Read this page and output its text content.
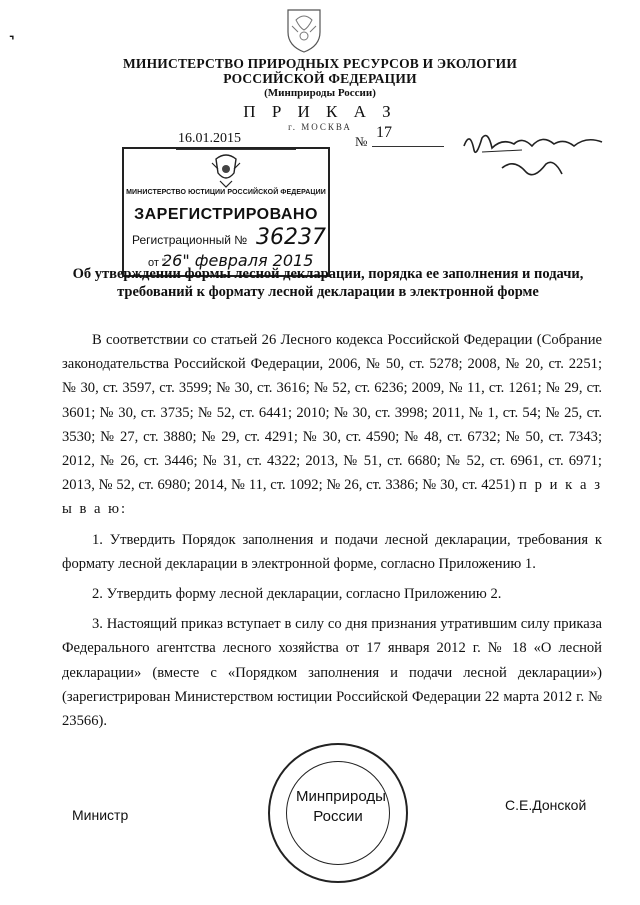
˺
МИНИСТЕРСТВО ПРИРОДНЫХ РЕСУРСОВ И ЭКОЛОГИИ
РОССИЙСКОЙ ФЕДЕРАЦИИ
(Минприроды России)
П Р И К А З
г. МОСКВА
16.01.2015	№
17
МИНИСТЕРСТВО ЮСТИЦИИ РОССИЙСКОЙ ФЕДЕРАЦИИ
ЗАРЕГИСТРИРОВАНО
Регистрационный № 36237
от "
26" февраля 2015
Об утверждении формы лесной декларации, порядка ее заполнения и подачи,
требований к формату лесной декларации в электронной форме

В соответствии со статьей 26 Лесного кодекса Российской Федерации (Собрание законодательства Российской Федерации, 2006, № 50, ст. 5278; 2008, № 20, ст. 2251; № 30, ст. 3597, ст. 3599; № 30, ст. 3616; № 52, ст. 6236; 2009, № 11, ст. 1261; № 29, ст. 3601; № 30, ст. 3735; № 52, ст. 6441; 2010; № 30, ст. 3998; 2011, № 1, ст. 54; № 25, ст. 3530; № 27, ст. 3880; № 29, ст. 4291; № 30, ст. 4590; № 48, ст. 6732; № 50, ст. 7343; 2012, № 26, ст. 3446; № 31, ст. 4322; 2013, № 51, ст. 6680; № 52, ст. 6961, ст. 6971; 2013, № 52, ст. 6980; 2014, № 11, ст. 1092; № 26, ст. 3386; № 30, ст. 4251) п р и к а з ы в а ю:

1. Утвердить Порядок заполнения и подачи лесной декларации, требования к формату лесной декларации в электронной форме, согласно Приложению 1.

2. Утвердить форму лесной декларации, согласно Приложению 2.

3. Настоящий приказ вступает в силу со дня признания утратившим силу приказа Федерального агентства лесного хозяйства от 17 января 2012 г. № 18 «О лесной декларации» (вместе с «Порядком заполнения и подачи лесной декларации») (зарегистрирован Министерством юстиции Российской Федерации 22 марта 2012 г. № 23566).

Министр
Минприроды России
С.Е.Донской
